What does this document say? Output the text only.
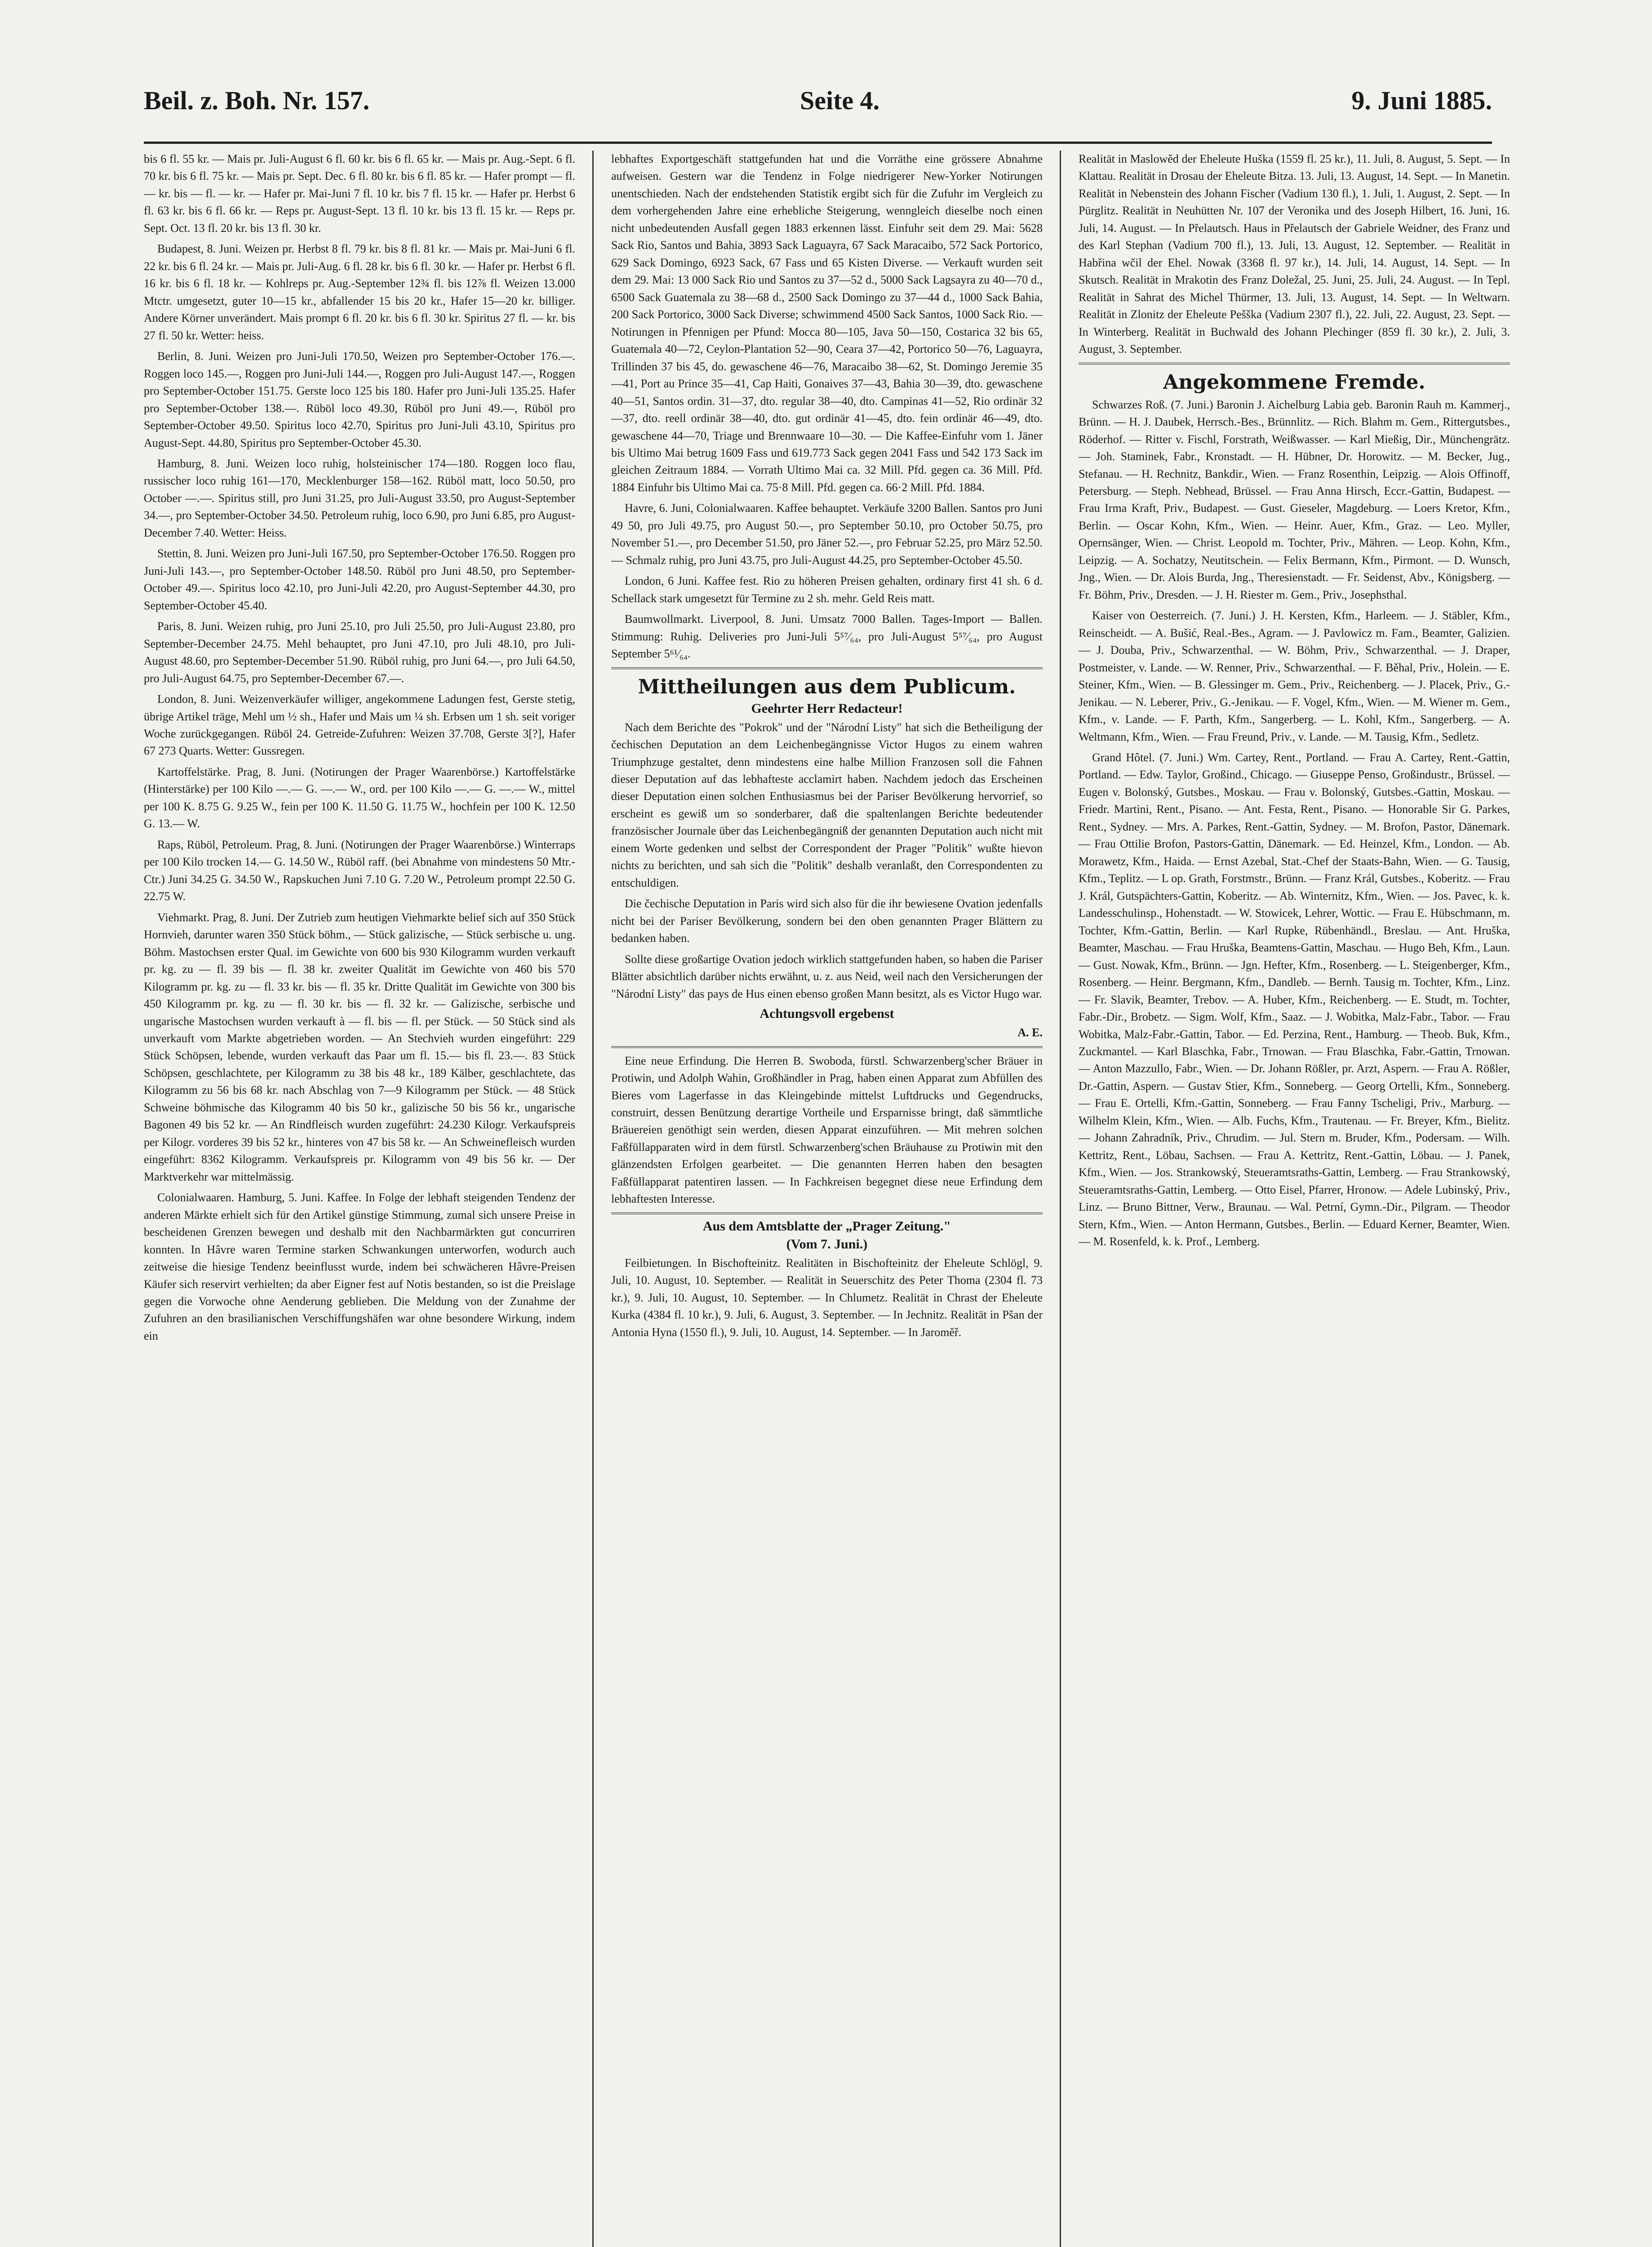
Beil. z. Boh. Nr. 157.	Seite 4.	9. Juni 1885.

bis 6 fl. 55 kr. — Mais pr. Juli-August 6 fl. 60 kr. bis 6 fl. 65 kr. — Mais pr. Aug.-Sept. 6 fl. 70 kr. bis 6 fl. 75 kr. — Mais pr. Sept. Dec. 6 fl. 80 kr. bis 6 fl. 85 kr. — Hafer prompt — fl. — kr. bis — fl. — kr. — Hafer pr. Mai-Juni 7 fl. 10 kr. bis 7 fl. 15 kr. — Hafer pr. Herbst 6 fl. 63 kr. bis 6 fl. 66 kr. — Reps pr. August-Sept. 13 fl. 10 kr. bis 13 fl. 15 kr. — Reps pr. Sept. Oct. 13 fl. 20 kr. bis 13 fl. 30 kr.

Budapest, 8. Juni. Weizen pr. Herbst 8 fl. 79 kr. bis 8 fl. 81 kr. — Mais pr. Mai-Juni 6 fl. 22 kr. bis 6 fl. 24 kr. — Mais pr. Juli-Aug. 6 fl. 28 kr. bis 6 fl. 30 kr. — Hafer pr. Herbst 6 fl. 16 kr. bis 6 fl. 18 kr. — Kohlreps pr. Aug.-September 12¾ fl. bis 12⅞ fl. Weizen 13.000 Mtctr. umgesetzt, guter 10—15 kr., abfallender 15 bis 20 kr., Hafer 15—20 kr. billiger. Andere Körner unverändert. Mais prompt 6 fl. 20 kr. bis 6 fl. 30 kr. Spiritus 27 fl. — kr. bis 27 fl. 50 kr. Wetter: heiss.

Berlin, 8. Juni. Weizen pro Juni-Juli 170.50, Weizen pro September-October 176.—. Roggen loco 145.—, Roggen pro Juni-Juli 144.—, Roggen pro Juli-August 147.—, Roggen pro September-October 151.75. Gerste loco 125 bis 180. Hafer pro Juni-Juli 135.25. Hafer pro September-October 138.—. Rüböl loco 49.30, Rüböl pro Juni 49.—, Rüböl pro September-October 49.50. Spiritus loco 42.70, Spiritus pro Juni-Juli 43.10, Spiritus pro August-Sept. 44.80, Spiritus pro September-October 45.30.

Hamburg, 8. Juni. Weizen loco ruhig, holsteinischer 174—180. Roggen loco flau, russischer loco ruhig 161—170, Mecklenburger 158—162. Rüböl matt, loco 50.50, pro October —.—. Spiritus still, pro Juni 31.25, pro Juli-August 33.50, pro August-September 34.—, pro September-October 34.50. Petroleum ruhig, loco 6.90, pro Juni 6.85, pro August-December 7.40. Wetter: Heiss.

Stettin, 8. Juni. Weizen pro Juni-Juli 167.50, pro September-October 176.50. Roggen pro Juni-Juli 143.—, pro September-October 148.50. Rüböl pro Juni 48.50, pro September-October 49.—. Spiritus loco 42.10, pro Juni-Juli 42.20, pro August-September 44.30, pro September-October 45.40.

Paris, 8. Juni. Weizen ruhig, pro Juni 25.10, pro Juli 25.50, pro Juli-August 23.80, pro September-December 24.75. Mehl behauptet, pro Juni 47.10, pro Juli 48.10, pro Juli-August 48.60, pro September-December 51.90. Rüböl ruhig, pro Juni 64.—, pro Juli 64.50, pro Juli-August 64.75, pro September-December 67.—.

London, 8. Juni. Weizenverkäufer williger, angekommene Ladungen fest, Gerste stetig, übrige Artikel träge, Mehl um ½ sh., Hafer und Mais um ¼ sh. Erbsen um 1 sh. seit voriger Woche zurückgegangen. Rüböl 24. Getreide-Zufuhren: Weizen 37.708, Gerste 3[?], Hafer 67 273 Quarts. Wetter: Gussregen.

Kartoffelstärke. Prag, 8. Juni. (Notirungen der Prager Waarenbörse.) Kartoffelstärke (Hinterstärke) per 100 Kilo —.— G. —.— W., ord. per 100 Kilo —.— G. —.— W., mittel per 100 K. 8.75 G. 9.25 W., fein per 100 K. 11.50 G. 11.75 W., hochfein per 100 K. 12.50 G. 13.— W.

Raps, Rüböl, Petroleum. Prag, 8. Juni. (Notirungen der Prager Waarenbörse.) Winterraps per 100 Kilo trocken 14.— G. 14.50 W., Rüböl raff. (bei Abnahme von mindestens 50 Mtr.-Ctr.) Juni 34.25 G. 34.50 W., Rapskuchen Juni 7.10 G. 7.20 W., Petroleum prompt 22.50 G. 22.75 W.

Viehmarkt. Prag, 8. Juni. Der Zutrieb zum heutigen Viehmarkte belief sich auf 350 Stück Hornvieh, darunter waren 350 Stück böhm., — Stück galizische, — Stück serbische u. ung. Böhm. Mastochsen erster Qual. im Gewichte von 600 bis 930 Kilogramm wurden verkauft pr. kg. zu — fl. 39 bis — fl. 38 kr. zweiter Qualität im Gewichte von 460 bis 570 Kilogramm pr. kg. zu — fl. 33 kr. bis — fl. 35 kr. Dritte Qualität im Gewichte von 300 bis 450 Kilogramm pr. kg. zu — fl. 30 kr. bis — fl. 32 kr. — Galizische, serbische und ungarische Mastochsen wurden verkauft à — fl. bis — fl. per Stück. — 50 Stück sind als unverkauft vom Markte abgetrieben worden. — An Stechvieh wurden eingeführt: 229 Stück Schöpsen, lebende, wurden verkauft das Paar um fl. 15.— bis fl. 23.—. 83 Stück Schöpsen, geschlachtete, per Kilogramm zu 38 bis 48 kr., 189 Kälber, geschlachtete, das Kilogramm zu 56 bis 68 kr. nach Abschlag von 7—9 Kilogramm per Stück. — 48 Stück Schweine böhmische das Kilogramm 40 bis 50 kr., galizische 50 bis 56 kr., ungarische Bagonen 49 bis 52 kr. — An Rindfleisch wurden zugeführt: 24.230 Kilogr. Verkaufspreis per Kilogr. vorderes 39 bis 52 kr., hinteres von 47 bis 58 kr. — An Schweinefleisch wurden eingeführt: 8362 Kilogramm. Verkaufspreis pr. Kilogramm von 49 bis 56 kr. — Der Marktverkehr war mittelmässig.

Colonialwaaren. Hamburg, 5. Juni. Kaffee. In Folge der lebhaft steigenden Tendenz der anderen Märkte erhielt sich für den Artikel günstige Stimmung, zumal sich unsere Preise in bescheidenen Grenzen bewegen und deshalb mit den Nachbarmärkten gut concurriren konnten. In Hâvre waren Termine starken Schwankungen unterworfen, wodurch auch zeitweise die hiesige Tendenz beeinflusst wurde, indem bei schwächeren Hâvre-Preisen Käufer sich reservirt verhielten; da aber Eigner fest auf Notis bestanden, so ist die Preislage gegen die Vorwoche ohne Aenderung geblieben. Die Meldung von der Zunahme der Zufuhren an den brasilianischen Verschiffungshäfen war ohne besondere Wirkung, indem ein

lebhaftes Exportgeschäft stattgefunden hat und die Vorräthe eine grössere Abnahme aufweisen. Gestern war die Tendenz in Folge niedrigerer New-Yorker Notirungen unentschieden. Nach der endstehenden Statistik ergibt sich für die Zufuhr im Vergleich zu dem vorhergehenden Jahre eine erhebliche Steigerung, wenngleich dieselbe noch einen nicht unbedeutenden Ausfall gegen 1883 erkennen lässt. Einfuhr seit dem 29. Mai: 5628 Sack Rio, Santos und Bahia, 3893 Sack Laguayra, 67 Sack Maracaibo, 572 Sack Portorico, 629 Sack Domingo, 6923 Sack, 67 Fass und 65 Kisten Diverse. — Verkauft wurden seit dem 29. Mai: 13 000 Sack Rio und Santos zu 37—52 d., 5000 Sack Lagsayra zu 40—70 d., 6500 Sack Guatemala zu 38—68 d., 2500 Sack Domingo zu 37—44 d., 1000 Sack Bahia, 200 Sack Portorico, 3000 Sack Diverse; schwimmend 4500 Sack Santos, 1000 Sack Rio. — Notirungen in Pfennigen per Pfund: Mocca 80—105, Java 50—150, Costarica 32 bis 65, Guatemala 40—72, Ceylon-Plantation 52—90, Ceara 37—42, Portorico 50—76, Laguayra, Trillinden 37 bis 45, do. gewaschene 46—76, Maracaibo 38—62, St. Domingo Jeremie 35—41, Port au Prince 35—41, Cap Haiti, Gonaives 37—43, Bahia 30—39, dto. gewaschene 40—51, Santos ordin. 31—37, dto. regular 38—40, dto. Campinas 41—52, Rio ordinär 32—37, dto. reell ordinär 38—40, dto. gut ordinär 41—45, dto. fein ordinär 46—49, dto. gewaschene 44—70, Triage und Brennwaare 10—30. — Die Kaffee-Einfuhr vom 1. Jäner bis Ultimo Mai betrug 1609 Fass und 619.773 Sack gegen 2041 Fass und 542 173 Sack im gleichen Zeitraum 1884. — Vorrath Ultimo Mai ca. 32 Mill. Pfd. gegen ca. 36 Mill. Pfd. 1884 Einfuhr bis Ultimo Mai ca. 75·8 Mill. Pfd. gegen ca. 66·2 Mill. Pfd. 1884.

Havre, 6. Juni, Colonialwaaren. Kaffee behauptet. Verkäufe 3200 Ballen. Santos pro Juni 49 50, pro Juli 49.75, pro August 50.—, pro September 50.10, pro October 50.75, pro November 51.—, pro December 51.50, pro Jäner 52.—, pro Februar 52.25, pro März 52.50. — Schmalz ruhig, pro Juni 43.75, pro Juli-August 44.25, pro September-October 45.50.

London, 6 Juni. Kaffee fest. Rio zu höheren Preisen gehalten, ordinary first 41 sh. 6 d. Schellack stark umgesetzt für Termine zu 2 sh. mehr. Geld Reis matt.

Baumwollmarkt. Liverpool, 8. Juni. Umsatz 7000 Ballen. Tages-Import — Ballen. Stimmung: Ruhig. Deliveries pro Juni-Juli 5⁵⁷⁄₆₄, pro Juli-August 5⁵⁷⁄₆₄, pro August September 5⁶¹⁄₆₄.

Mittheilungen aus dem Publicum.
Geehrter Herr Redacteur!

Nach dem Berichte des "Pokrok" und der "Národní Listy" hat sich die Betheiligung der čechischen Deputation an dem Leichenbegängnisse Victor Hugos zu einem wahren Triumphzuge gestaltet, denn mindestens eine halbe Million Franzosen soll die Fahnen dieser Deputation auf das lebhafteste acclamirt haben. Nachdem jedoch das Erscheinen dieser Deputation einen solchen Enthusiasmus bei der Pariser Bevölkerung hervorrief, so erscheint es gewiß um so sonderbarer, daß die spaltenlangen Berichte bedeutender französischer Journale über das Leichenbegängniß der genannten Deputation auch nicht mit einem Worte gedenken und selbst der Correspondent der Prager "Politik" wußte hievon nichts zu berichten, und sah sich die "Politik" deshalb veranlaßt, den Correspondenten zu entschuldigen.

Die čechische Deputation in Paris wird sich also für die ihr bewiesene Ovation jedenfalls nicht bei der Pariser Bevölkerung, sondern bei den oben genannten Prager Blättern zu bedanken haben.

Sollte diese großartige Ovation jedoch wirklich stattgefunden haben, so haben die Pariser Blätter absichtlich darüber nichts erwähnt, u. z. aus Neid, weil nach den Versicherungen der "Národní Listy" das pays de Hus einen ebenso großen Mann besitzt, als es Victor Hugo war.

Achtungsvoll ergebenst
A. E.

Eine neue Erfindung. Die Herren B. Swoboda, fürstl. Schwarzenberg'scher Bräuer in Protiwin, und Adolph Wahin, Großhändler in Prag, haben einen Apparat zum Abfüllen des Bieres vom Lagerfasse in das Kleingebinde mittelst Luftdrucks und Gegendrucks, construirt, dessen Benützung derartige Vortheile und Ersparnisse bringt, daß sämmtliche Bräuereien genöthigt sein werden, diesen Apparat einzuführen. — Mit mehren solchen Faßfüllapparaten wird in dem fürstl. Schwarzenberg'schen Bräuhause zu Protiwin mit den glänzendsten Erfolgen gearbeitet. — Die genannten Herren haben den besagten Faßfüllapparat patentiren lassen. — In Fachkreisen begegnet diese neue Erfindung dem lebhaftesten Interesse.

Aus dem Amtsblatte der „Prager Zeitung."
(Vom 7. Juni.)

Feilbietungen. In Bischofteinitz. Realitäten in Bischofteinitz der Eheleute Schlögl, 9. Juli, 10. August, 10. September. — Realität in Seuerschitz des Peter Thoma (2304 fl. 73 kr.), 9. Juli, 10. August, 10. September. — In Chlumetz. Realität in Chrast der Eheleute Kurka (4384 fl. 10 kr.), 9. Juli, 6. August, 3. September. — In Jechnitz. Realität in Pšan der Antonia Hyna (1550 fl.), 9. Juli, 10. August, 14. September. — In Jaroměř.

Realität in Maslowěd der Eheleute Huška (1559 fl. 25 kr.), 11. Juli, 8. August, 5. Sept. — In Klattau. Realität in Drosau der Eheleute Bitza. 13. Juli, 13. August, 14. Sept. — In Manetin. Realität in Nebenstein des Johann Fischer (Vadium 130 fl.), 1. Juli, 1. August, 2. Sept. — In Pürglitz. Realität in Neuhütten Nr. 107 der Veronika und des Joseph Hilbert, 16. Juni, 16. Juli, 14. August. — In Přelautsch. Haus in Přelautsch der Gabriele Weidner, des Franz und des Karl Stephan (Vadium 700 fl.), 13. Juli, 13. August, 12. September. — Realität in Habřina wčil der Ehel. Nowak (3368 fl. 97 kr.), 14. Juli, 14. August, 14. Sept. — In Skutsch. Realität in Mrakotin des Franz Doležal, 25. Juni, 25. Juli, 24. August. — In Tepl. Realität in Sahrat des Michel Thürmer, 13. Juli, 13. August, 14. Sept. — In Weltwarn. Realität in Zlonitz der Eheleute Pešška (Vadium 2307 fl.), 22. Juli, 22. August, 23. Sept. — In Winterberg. Realität in Buchwald des Johann Plechinger (859 fl. 30 kr.), 2. Juli, 3. August, 3. September.

Angekommene Fremde.

Schwarzes Roß. (7. Juni.) Baronin J. Aichelburg Labia geb. Baronin Rauh m. Kammerj., Brünn. — H. J. Daubek, Herrsch.-Bes., Brünnlitz. — Rich. Blahm m. Gem., Rittergutsbes., Röderhof. — Ritter v. Fischl, Forstrath, Weißwasser. — Karl Mießig, Dir., Münchengrätz. — Joh. Staminek, Fabr., Kronstadt. — H. Hübner, Dr. Horowitz. — M. Becker, Jug., Stefanau. — H. Rechnitz, Bankdir., Wien. — Franz Rosenthin, Leipzig. — Alois Offinoff, Petersburg. — Steph. Nebhead, Brüssel. — Frau Anna Hirsch, Eccr.-Gattin, Budapest. — Frau Irma Kraft, Priv., Budapest. — Gust. Gieseler, Magdeburg. — Loers Kretor, Kfm., Berlin. — Oscar Kohn, Kfm., Wien. — Heinr. Auer, Kfm., Graz. — Leo. Myller, Opernsänger, Wien. — Christ. Leopold m. Tochter, Priv., Mähren. — Leop. Kohn, Kfm., Leipzig. — A. Sochatzy, Neutitschein. — Felix Bermann, Kfm., Pirmont. — D. Wunsch, Jng., Wien. — Dr. Alois Burda, Jng., Theresienstadt. — Fr. Seidenst, Abv., Königsberg. — Fr. Böhm, Priv., Dresden. — J. H. Riester m. Gem., Priv., Josephsthal.

Kaiser von Oesterreich. (7. Juni.) J. H. Kersten, Kfm., Harleem. — J. Stäbler, Kfm., Reinscheidt. — A. Bušić, Real.-Bes., Agram. — J. Pavlowicz m. Fam., Beamter, Galizien. — J. Douba, Priv., Schwarzenthal. — W. Böhm, Priv., Schwarzenthal. — J. Draper, Postmeister, v. Lande. — W. Renner, Priv., Schwarzenthal. — F. Běhal, Priv., Holein. — E. Steiner, Kfm., Wien. — B. Glessinger m. Gem., Priv., Reichenberg. — J. Placek, Priv., G.-Jenikau. — N. Leberer, Priv., G.-Jenikau. — F. Vogel, Kfm., Wien. — M. Wiener m. Gem., Kfm., v. Lande. — F. Parth, Kfm., Sangerberg. — L. Kohl, Kfm., Sangerberg. — A. Weltmann, Kfm., Wien. — Frau Freund, Priv., v. Lande. — M. Tausig, Kfm., Sedletz.

Grand Hôtel. (7. Juni.) Wm. Cartey, Rent., Portland. — Frau A. Cartey, Rent.-Gattin, Portland. — Edw. Taylor, Großind., Chicago. — Giuseppe Penso, Großindustr., Brüssel. — Eugen v. Bolonský, Gutsbes., Moskau. — Frau v. Bolonský, Gutsbes.-Gattin, Moskau. — Friedr. Martini, Rent., Pisano. — Ant. Festa, Rent., Pisano. — Honorable Sir G. Parkes, Rent., Sydney. — Mrs. A. Parkes, Rent.-Gattin, Sydney. — M. Brofon, Pastor, Dänemark. — Frau Ottilie Brofon, Pastors-Gattin, Dänemark. — Ed. Heinzel, Kfm., London. — Ab. Morawetz, Kfm., Haida. — Ernst Azebal, Stat.-Chef der Staats-Bahn, Wien. — G. Tausig, Kfm., Teplitz. — L op. Grath, Forstmstr., Brünn. — Franz Král, Gutsbes., Koberitz. — Frau J. Král, Gutspächters-Gattin, Koberitz. — Ab. Winternitz, Kfm., Wien. — Jos. Pavec, k. k. Landesschulinsp., Hohenstadt. — W. Stowicek, Lehrer, Wottic. — Frau E. Hübschmann, m. Tochter, Kfm.-Gattin, Berlin. — Karl Rupke, Rübenhändl., Breslau. — Ant. Hruška, Beamter, Maschau. — Frau Hruška, Beamtens-Gattin, Maschau. — Hugo Beh, Kfm., Laun. — Gust. Nowak, Kfm., Brünn. — Jgn. Hefter, Kfm., Rosenberg. — L. Steigenberger, Kfm., Rosenberg. — Heinr. Bergmann, Kfm., Dandleb. — Bernh. Tausig m. Tochter, Kfm., Linz. — Fr. Slavik, Beamter, Trebov. — A. Huber, Kfm., Reichenberg. — E. Studt, m. Tochter, Fabr.-Dir., Brobetz. — Sigm. Wolf, Kfm., Saaz. — J. Wobitka, Malz-Fabr., Tabor. — Frau Wobitka, Malz-Fabr.-Gattin, Tabor. — Ed. Perzina, Rent., Hamburg. — Theob. Buk, Kfm., Zuckmantel. — Karl Blaschka, Fabr., Trnowan. — Frau Blaschka, Fabr.-Gattin, Trnowan. — Anton Mazzullo, Fabr., Wien. — Dr. Johann Rößler, pr. Arzt, Aspern. — Frau A. Rößler, Dr.-Gattin, Aspern. — Gustav Stier, Kfm., Sonneberg. — Georg Ortelli, Kfm., Sonneberg. — Frau E. Ortelli, Kfm.-Gattin, Sonneberg. — Frau Fanny Tscheligi, Priv., Marburg. — Wilhelm Klein, Kfm., Wien. — Alb. Fuchs, Kfm., Trautenau. — Fr. Breyer, Kfm., Bielitz. — Johann Zahradník, Priv., Chrudim. — Jul. Stern m. Bruder, Kfm., Podersam. — Wilh. Kettritz, Rent., Löbau, Sachsen. — Frau A. Kettritz, Rent.-Gattin, Löbau. — J. Panek, Kfm., Wien. — Jos. Strankowský, Steueramtsraths-Gattin, Lemberg. — Frau Strankowský, Steueramtsraths-Gattin, Lemberg. — Otto Eisel, Pfarrer, Hronow. — Adele Lubinský, Priv., Linz. — Bruno Bittner, Verw., Braunau. — Wal. Petrní, Gymn.-Dir., Pilgram. — Theodor Stern, Kfm., Wien. — Anton Hermann, Gutsbes., Berlin. — Eduard Kerner, Beamter, Wien. — M. Rosenfeld, k. k. Prof., Lemberg.
